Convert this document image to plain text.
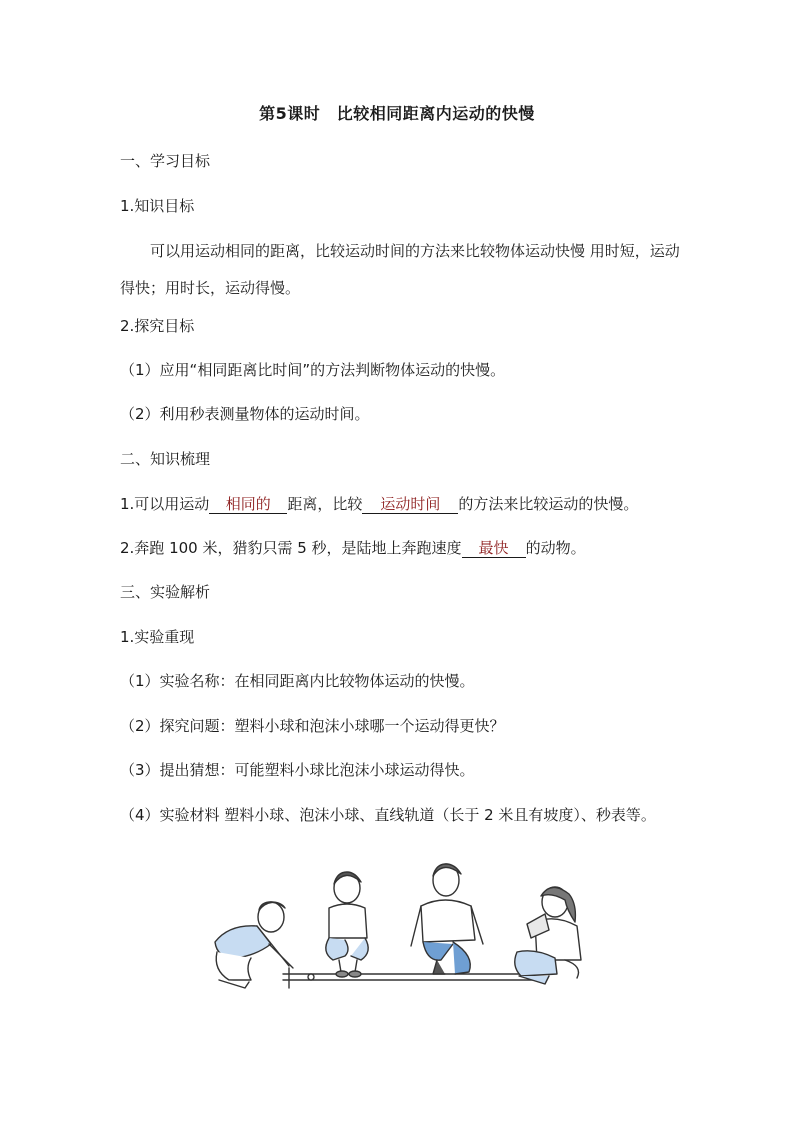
第5课时　比较相同距离内运动的快慢
一、学习目标
1.知识目标
可以用运动相同的距离，比较运动时间的方法来比较物体运动快慢 用时短，运动得快；用时长，运动得慢。
2.探究目标
（1）应用“相同距离比时间”的方法判断物体运动的快慢。
（2）利用秒表测量物体的运动时间。
二、知识梳理
1.可以用运动 相同的 距离，比较 运动时间 的方法来比较运动的快慢。
2.奔跑 100 米，猎豹只需 5 秒，是陆地上奔跑速度 最快 的动物。
三、实验解析
1.实验重现
（1）实验名称：在相同距离内比较物体运动的快慢。
（2）探究问题：塑料小球和泡沫小球哪一个运动得更快？
（3）提出猜想：可能塑料小球比泡沫小球运动得快。
（4）实验材料 塑料小球、泡沫小球、直线轨道（长于 2 米且有坡度）、秒表等。
